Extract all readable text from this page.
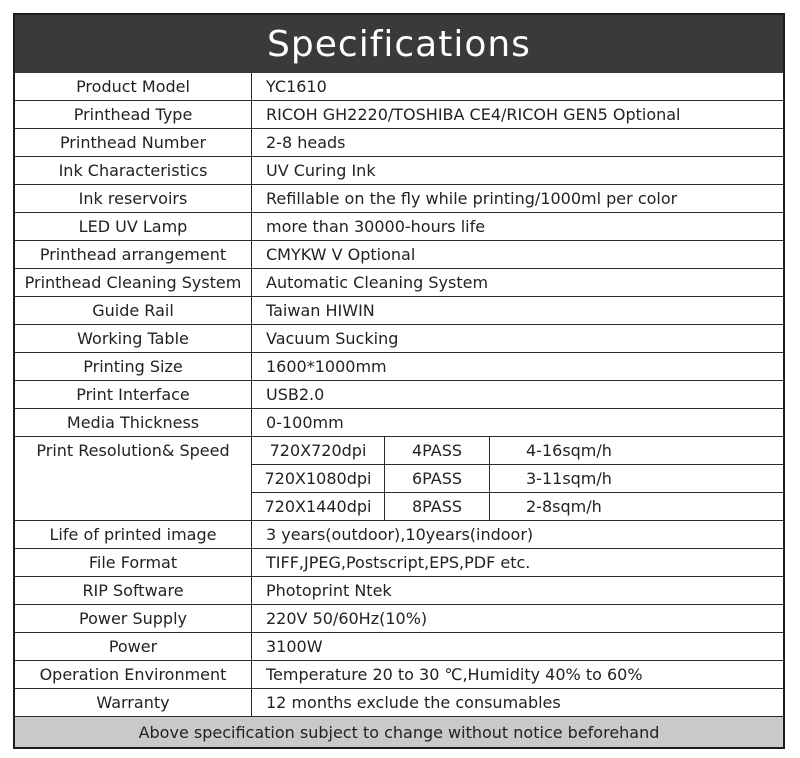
Specifications
Product Model	YC1610
Printhead Type	RICOH GH2220/TOSHIBA CE4/RICOH GEN5 Optional
Printhead Number	2-8 heads
Ink Characteristics	UV Curing Ink
Ink reservoirs	Refillable on the fly while printing/1000ml per color
LED UV Lamp	more than 30000-hours life
Printhead arrangement	CMYKW V Optional
Printhead Cleaning System	Automatic Cleaning System
Guide Rail	Taiwan HIWIN
Working Table	Vacuum Sucking
Printing Size	1600*1000mm
Print Interface	USB2.0
Media Thickness	0-100mm
Print Resolution& Speed	720X720dpi	4PASS	4-16sqm/h
720X1080dpi	6PASS	3-11sqm/h
720X1440dpi	8PASS	2-8sqm/h

Life of printed image	3 years(outdoor),10years(indoor)
File Format	TIFF,JPEG,Postscript,EPS,PDF etc.
RIP Software	Photoprint Ntek
Power Supply	220V 50/60Hz(10%)
Power	3100W
Operation Environment	Temperature 20 to 30 ℃,Humidity 40% to 60%
Warranty	12 months exclude the consumables
Above specification subject to change without notice beforehand
